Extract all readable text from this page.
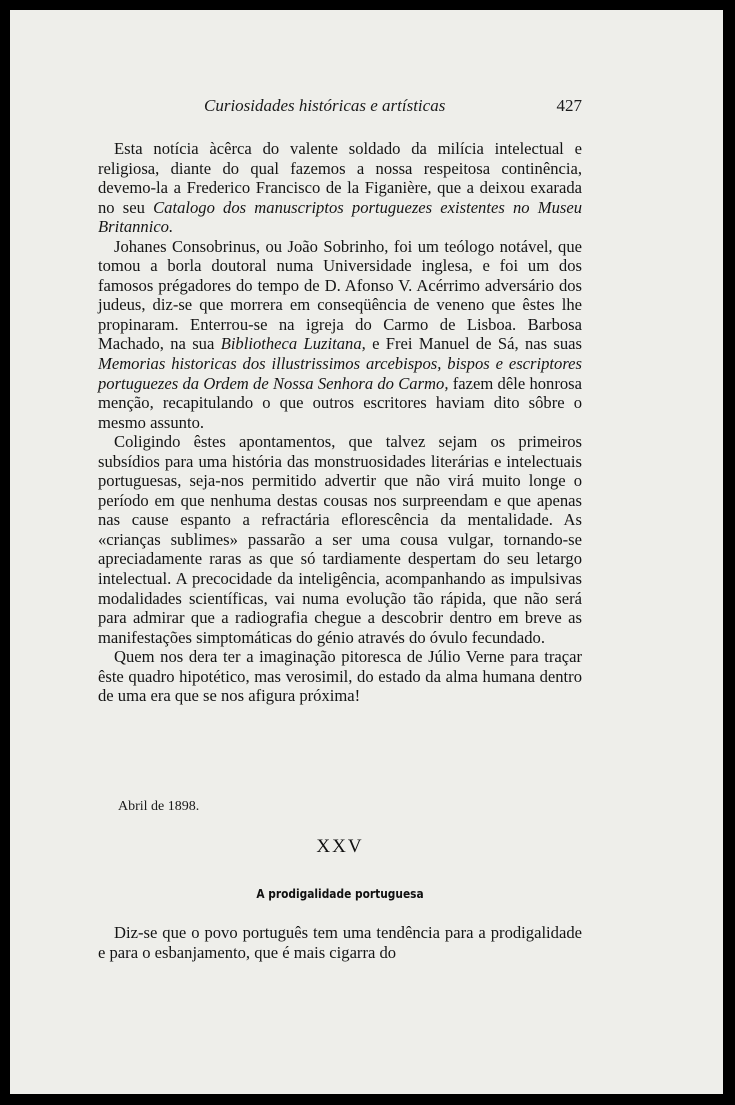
Curiosidades históricas e artísticas	427

Esta notícia àcêrca do valente soldado da milícia intelectual e religiosa, diante do qual fazemos a nossa respeitosa continência, devemo-la a Frederico Francisco de la Figanière, que a deixou exarada no seu Catalogo dos manuscriptos portuguezes existentes no Museu Britannico.

Johanes Consobrinus, ou João Sobrinho, foi um teólogo notável, que tomou a borla doutoral numa Universidade inglesa, e foi um dos famosos prégadores do tempo de D. Afonso V. Acérrimo adversário dos judeus, diz-se que morrera em conseqüência de veneno que êstes lhe propinaram. Enterrou-se na igreja do Carmo de Lisboa. Barbosa Machado, na sua Bibliotheca Luzitana, e Frei Manuel de Sá, nas suas Memorias historicas dos illustrissimos arcebispos, bispos e escriptores portuguezes da Ordem de Nossa Senhora do Carmo, fazem dêle honrosa menção, recapitulando o que outros escritores haviam dito sôbre o mesmo assunto.

Coligindo êstes apontamentos, que talvez sejam os primeiros subsídios para uma história das monstruosidades literárias e intelectuais portuguesas, seja-nos permitido advertir que não virá muito longe o período em que nenhuma destas cousas nos surpreendam e que apenas nas cause espanto a refractária eflorescência da mentalidade. As «crianças sublimes» passarão a ser uma cousa vulgar, tornando-se apreciadamente raras as que só tardiamente despertam do seu letargo intelectual. A precocidade da inteligência, acompanhando as impulsivas modalidades scientíficas, vai numa evolução tão rápida, que não será para admirar que a radiografia chegue a descobrir dentro em breve as manifestações simptomáticas do génio através do óvulo fecundado.

Quem nos dera ter a imaginação pitoresca de Júlio Verne para traçar êste quadro hipotético, mas verosimil, do estado da alma humana dentro de uma era que se nos afigura próxima!

Abril de 1898.
XXV
A prodigalidade portuguesa

Diz-se que o povo português tem uma tendência para a prodigalidade e para o esbanjamento, que é mais cigarra do
